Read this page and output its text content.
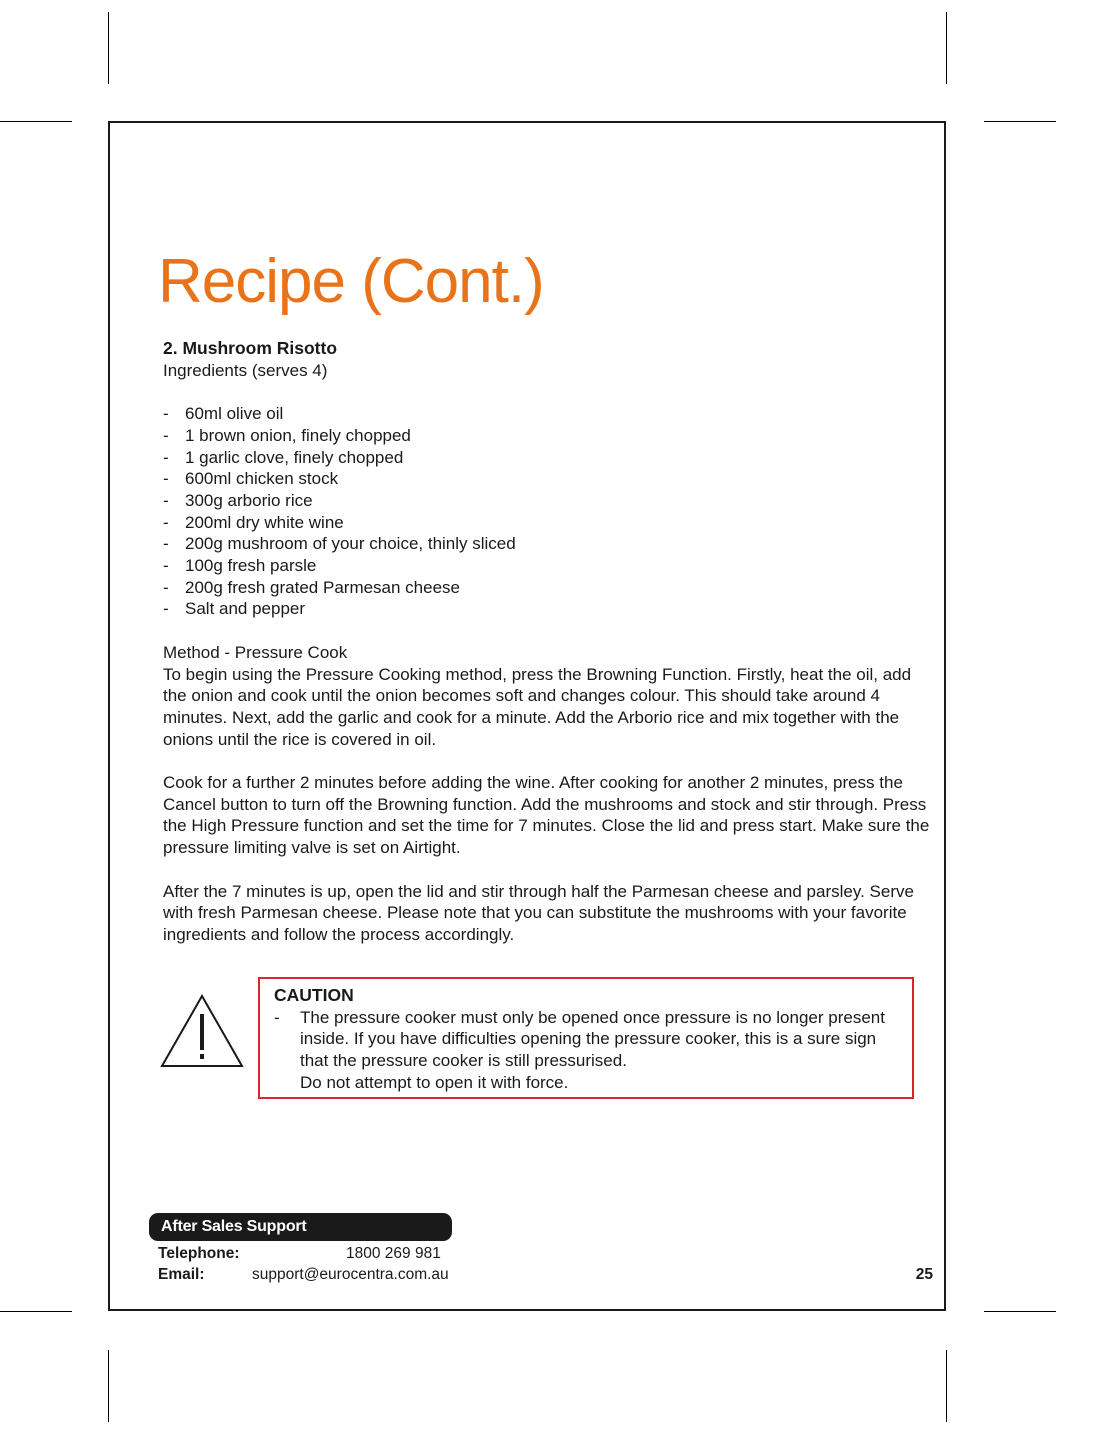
Recipe (Cont.)

2. Mushroom Risotto

Ingredients (serves 4)

- 60ml olive oil
- 1 brown onion, finely chopped
- 1 garlic clove, finely chopped
- 600ml chicken stock
- 300g arborio rice
- 200ml dry white wine
- 200g mushroom of your choice, thinly sliced
- 100g fresh parsle
- 200g fresh grated Parmesan cheese
- Salt and pepper

Method - Pressure Cook

To begin using the Pressure Cooking method, press the Browning Function. Firstly, heat the oil, add the onion and cook until the onion becomes soft and changes colour. This should take around 4 minutes. Next, add the garlic and cook for a minute. Add the Arborio rice and mix together with the onions until the rice is covered in oil.

Cook for a further 2 minutes before adding the wine. After cooking for another 2 minutes, press the Cancel button to turn off the Browning function. Add the mushrooms and stock and stir through. Press the High Pressure function and set the time for 7 minutes. Close the lid and press start. Make sure the pressure limiting valve is set on Airtight.

After the 7 minutes is up, open the lid and stir through half the Parmesan cheese and parsley. Serve with fresh Parmesan cheese. Please note that you can substitute the mushrooms with your favorite ingredients and follow the process accordingly.

CAUTION

-	The pressure cooker must only be opened once pressure is no longer present inside. If you have difficulties opening the pressure cooker, this is a sure sign that the pressure cooker is still pressurised.

Do not attempt to open it with force.

After Sales Support
Telephone:	1800 269 981
Email:	support@eurocentra.com.au	25
